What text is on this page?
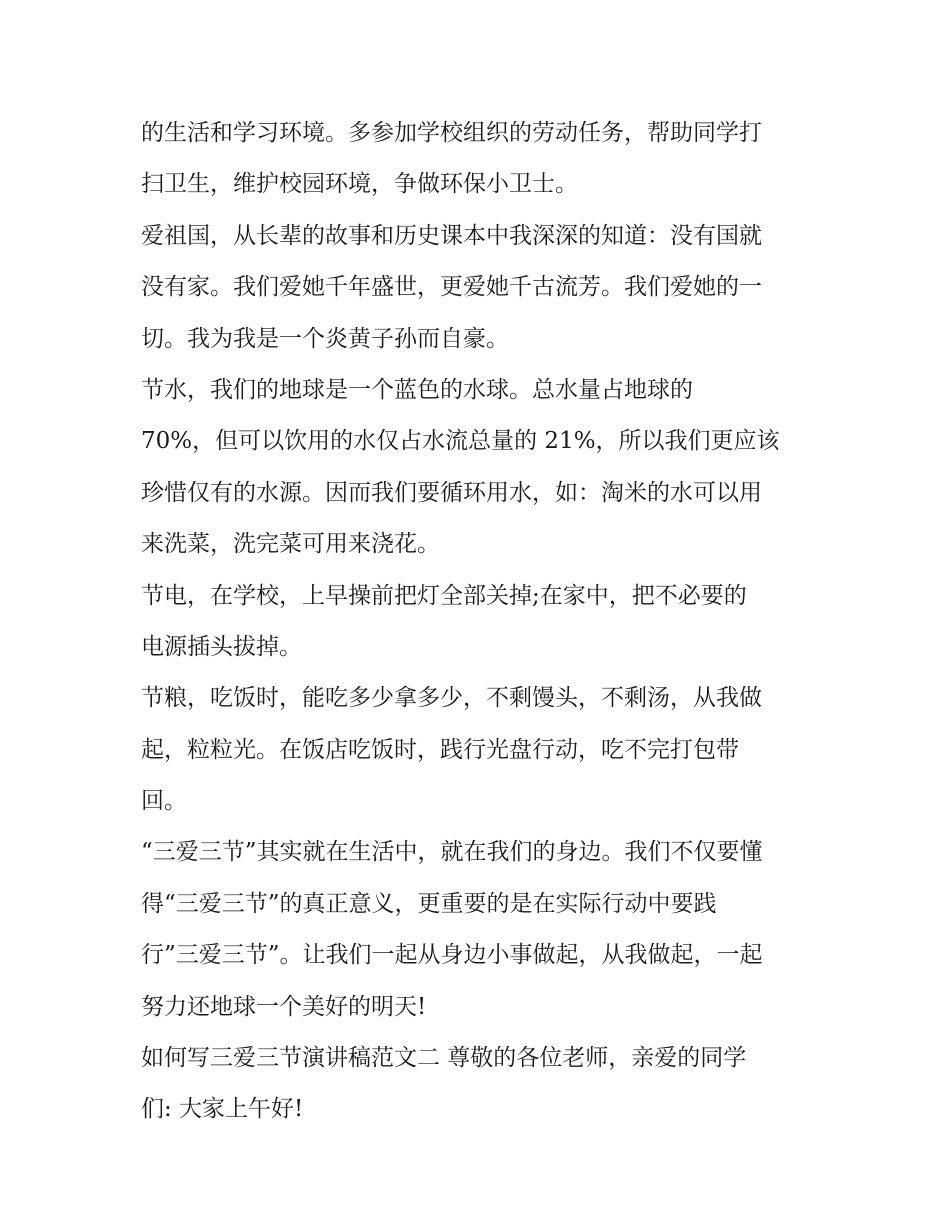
的生活和学习环境。多参加学校组织的劳动任务，帮助同学打
扫卫生，维护校园环境，争做环保小卫士。
爱祖国，从长辈的故事和历史课本中我深深的知道：没有国就
没有家。我们爱她千年盛世，更爱她千古流芳。我们爱她的一
切。我为我是一个炎黄子孙而自豪。
节水，我们的地球是一个蓝色的水球。总水量占地球的
70%，但可以饮用的水仅占水流总量的 21%，所以我们更应该
珍惜仅有的水源。因而我们要循环用水，如：淘米的水可以用
来洗菜，洗完菜可用来浇花。
节电，在学校，上早操前把灯全部关掉;在家中，把不必要的
电源插头拔掉。
节粮，吃饭时，能吃多少拿多少，不剩馒头，不剩汤，从我做
起，粒粒光。在饭店吃饭时，践行光盘行动，吃不完打包带
回。
“三爱三节”其实就在生活中，就在我们的身边。我们不仅要懂
得“三爱三节”的真正意义，更重要的是在实际行动中要践
行”三爱三节”。让我们一起从身边小事做起，从我做起，一起
努力还地球一个美好的明天!
如何写三爱三节演讲稿范文二 尊敬的各位老师，亲爱的同学
们: 大家上午好!
